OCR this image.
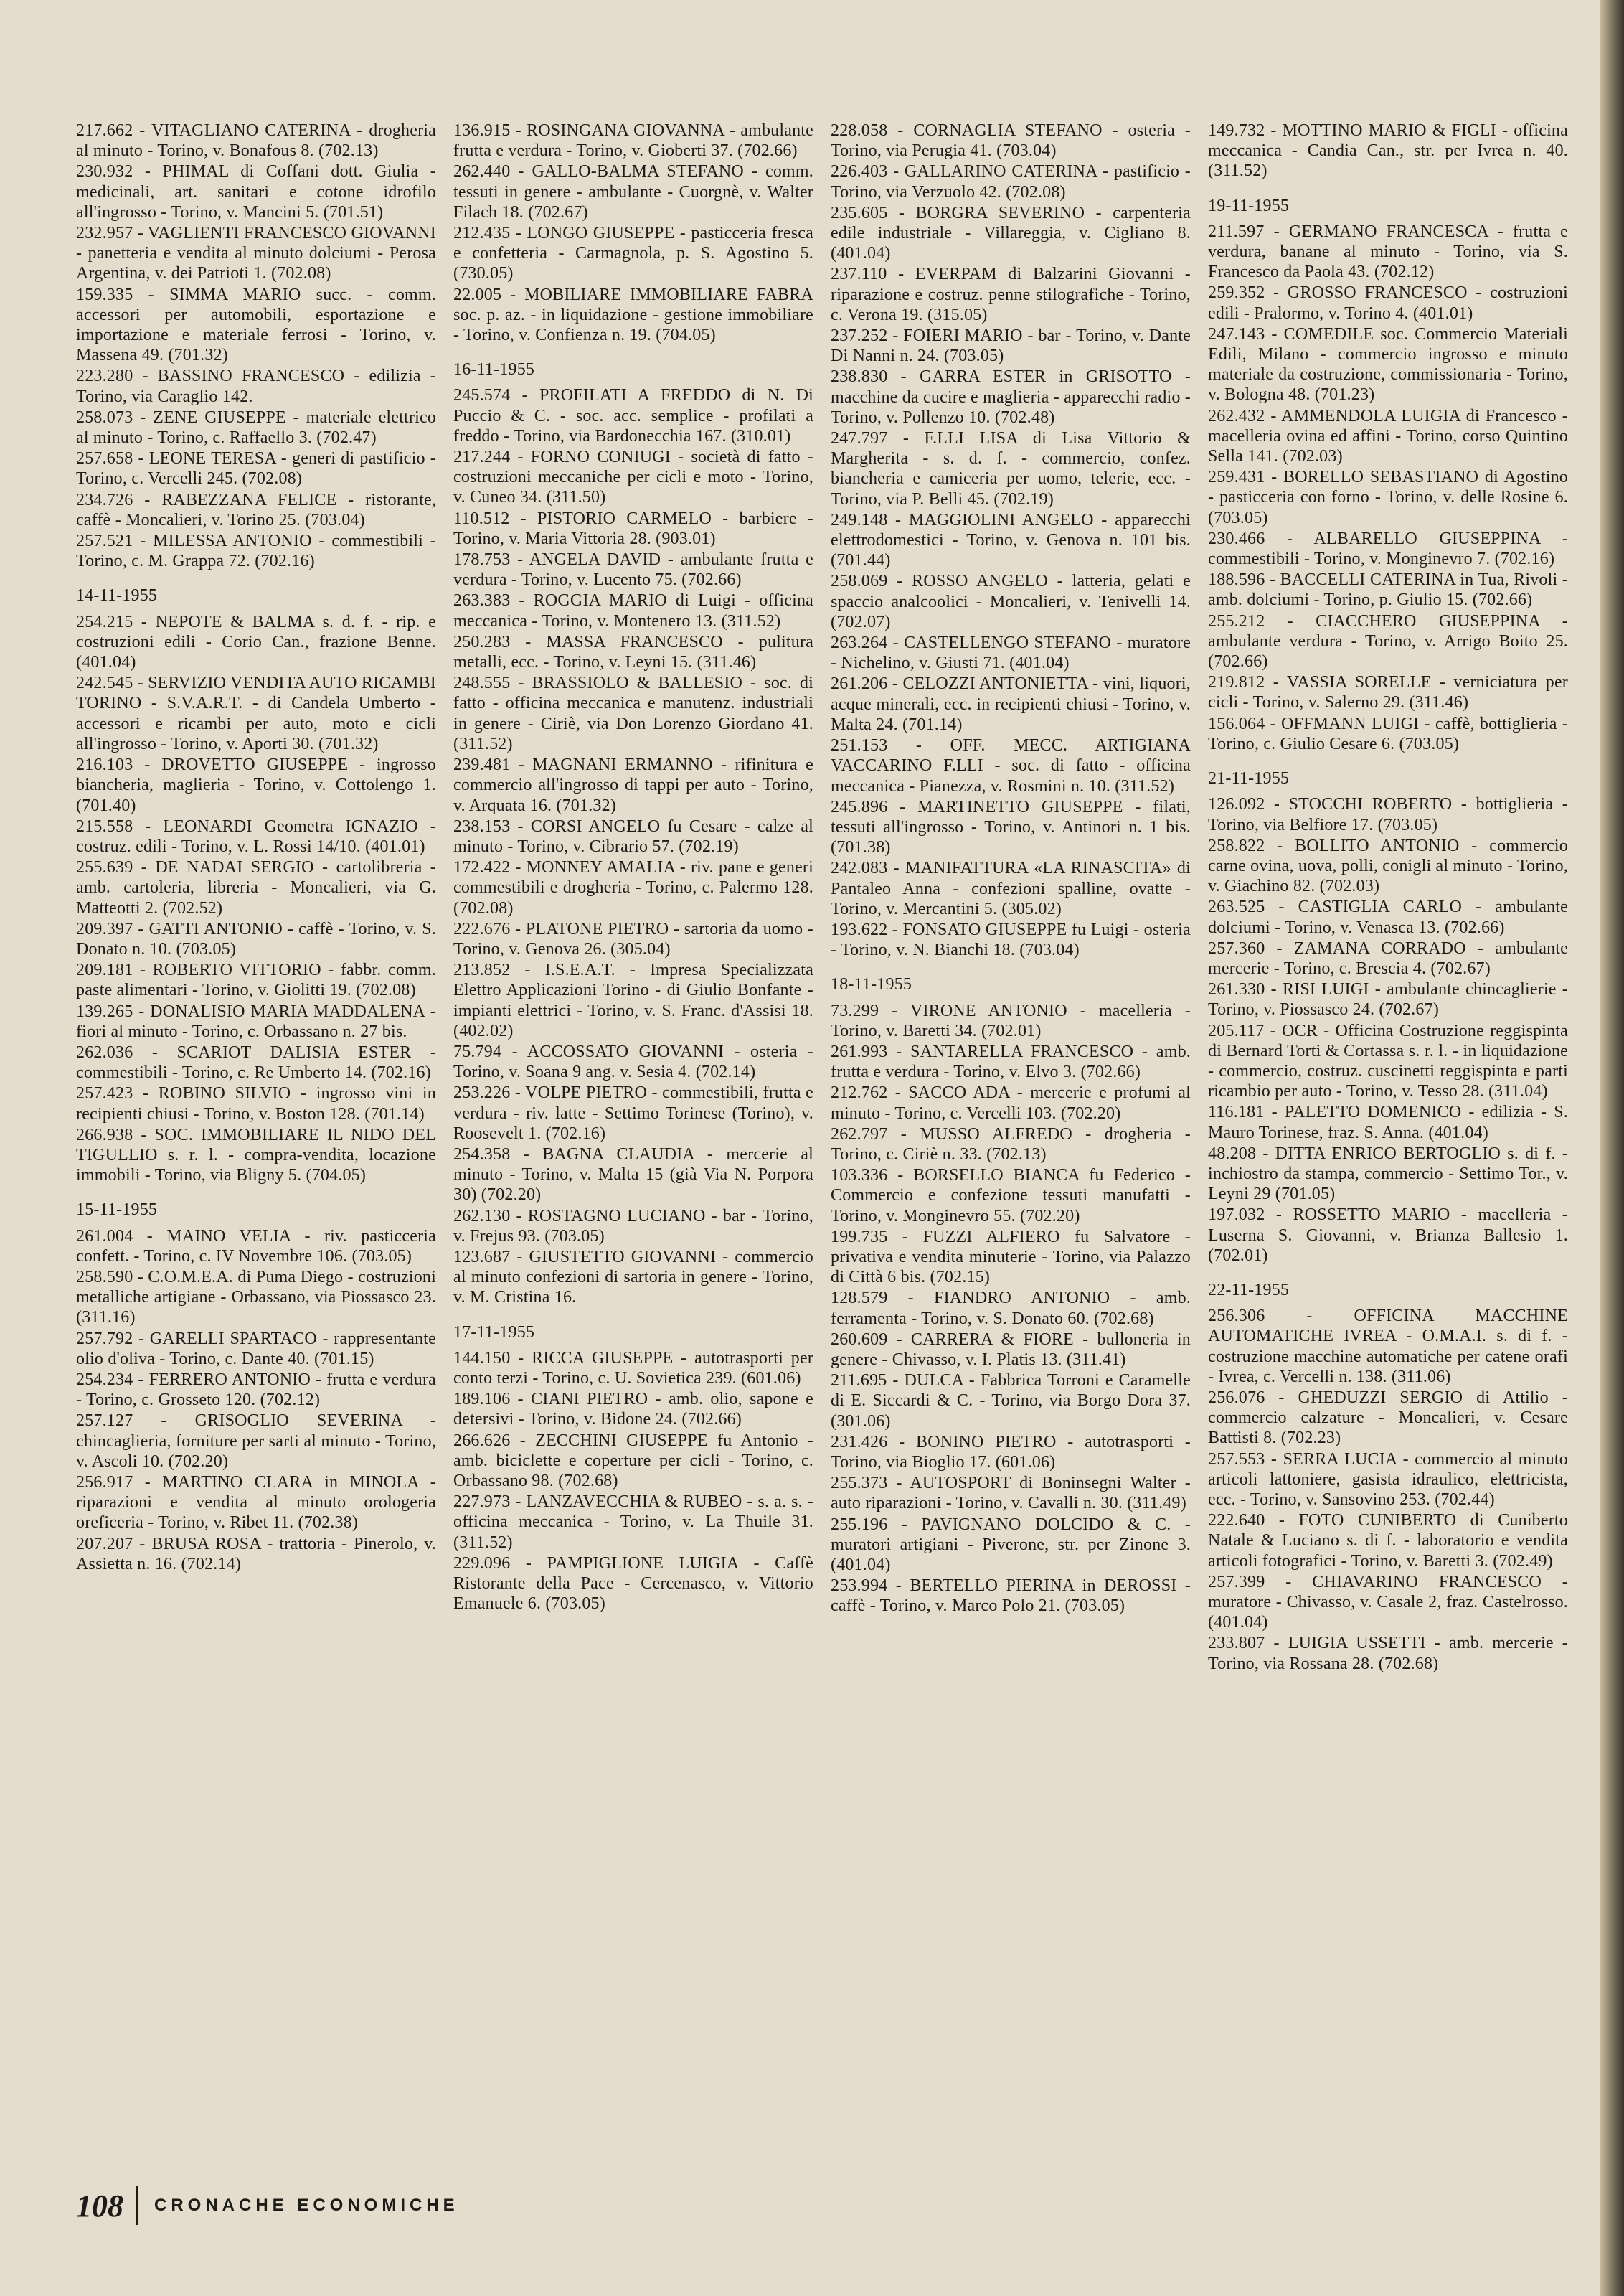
217.662 - VITAGLIANO CATERINA - drogheria al minuto - Torino, v. Bonafous 8. (702.13)
230.932 - PHIMAL di Coffani dott. Giulia - medicinali, art. sanitari e cotone idrofilo all'ingrosso - Torino, v. Mancini 5. (701.51)
232.957 - VAGLIENTI FRANCESCO GIOVANNI - panetteria e vendita al minuto dolciumi - Perosa Argentina, v. dei Patrioti 1. (702.08)
159.335 - SIMMA MARIO succ. - comm. accessori per automobili, esportazione e importazione e materiale ferrosi - Torino, v. Massena 49. (701.32)
223.280 - BASSINO FRANCESCO - edilizia - Torino, via Caraglio 142.
258.073 - ZENE GIUSEPPE - materiale elettrico al minuto - Torino, c. Raffaello 3. (702.47)
257.658 - LEONE TERESA - generi di pastificio - Torino, c. Vercelli 245. (702.08)
234.726 - RABEZZANA FELICE - ristorante, caffè - Moncalieri, v. Torino 25. (703.04)
257.521 - MILESSA ANTONIO - commestibili - Torino, c. M. Grappa 72. (702.16)
14-11-1955
254.215 - NEPOTE & BALMA s. d. f. - rip. e costruzioni edili - Corio Can., frazione Benne. (401.04)
242.545 - SERVIZIO VENDITA AUTO RICAMBI TORINO - S.V.A.R.T. - di Candela Umberto - accessori e ricambi per auto, moto e cicli all'ingrosso - Torino, v. Aporti 30. (701.32)
216.103 - DROVETTO GIUSEPPE - ingrosso biancheria, maglieria - Torino, v. Cottolengo 1. (701.40)
215.558 - LEONARDI Geometra IGNAZIO - costruz. edili - Torino, v. L. Rossi 14/10. (401.01)
255.639 - DE NADAI SERGIO - cartolibreria - amb. cartoleria, libreria - Moncalieri, via G. Matteotti 2. (702.52)
209.397 - GATTI ANTONIO - caffè - Torino, v. S. Donato n. 10. (703.05)
209.181 - ROBERTO VITTORIO - fabbr. comm. paste alimentari - Torino, v. Giolitti 19. (702.08)
139.265 - DONALISIO MARIA MADDALENA - fiori al minuto - Torino, c. Orbassano n. 27 bis.
262.036 - SCARIOT DALISIA ESTER - commestibili - Torino, c. Re Umberto 14. (702.16)
257.423 - ROBINO SILVIO - ingrosso vini in recipienti chiusi - Torino, v. Boston 128. (701.14)
266.938 - SOC. IMMOBILIARE IL NIDO DEL TIGULLIO s. r. l. - compra-vendita, locazione immobili - Torino, via Bligny 5. (704.05)
15-11-1955
261.004 - MAINO VELIA - riv. pasticceria confett. - Torino, c. IV Novembre 106. (703.05)
258.590 - C.O.M.E.A. di Puma Diego - costruzioni metalliche artigiane - Orbassano, via Piossasco 23. (311.16)
257.792 - GARELLI SPARTACO - rappresentante olio d'oliva - Torino, c. Dante 40. (701.15)
254.234 - FERRERO ANTONIO - frutta e verdura - Torino, c. Grosseto 120. (702.12)
257.127 - GRISOGLIO SEVERINA - chincaglieria, forniture per sarti al minuto - Torino, v. Ascoli 10. (702.20)
256.917 - MARTINO CLARA in MINOLA - riparazioni e vendita al minuto orologeria oreficeria - Torino, v. Ribet 11. (702.38)
207.207 - BRUSA ROSA - trattoria - Pinerolo, v. Assietta n. 16. (702.14)
136.915 - ROSINGANA GIOVANNA - ambulante frutta e verdura - Torino, v. Gioberti 37. (702.66)
262.440 - GALLO-BALMA STEFANO - comm. tessuti in genere - ambulante - Cuorgnè, v. Walter Filach 18. (702.67)
212.435 - LONGO GIUSEPPE - pasticceria fresca e confetteria - Carmagnola, p. S. Agostino 5. (730.05)
22.005 - MOBILIARE IMMOBILIARE FABRA soc. p. az. - in liquidazione - gestione immobiliare - Torino, v. Confienza n. 19. (704.05)
16-11-1955
245.574 - PROFILATI A FREDDO di N. Di Puccio & C. - soc. acc. semplice - profilati a freddo - Torino, via Bardonecchia 167. (310.01)
217.244 - FORNO CONIUGI - società di fatto - costruzioni meccaniche per cicli e moto - Torino, v. Cuneo 34. (311.50)
110.512 - PISTORIO CARMELO - barbiere - Torino, v. Maria Vittoria 28. (903.01)
178.753 - ANGELA DAVID - ambulante frutta e verdura - Torino, v. Lucento 75. (702.66)
263.383 - ROGGIA MARIO di Luigi - officina meccanica - Torino, v. Montenero 13. (311.52)
250.283 - MASSA FRANCESCO - pulitura metalli, ecc. - Torino, v. Leyni 15. (311.46)
248.555 - BRASSIOLO & BALLESIO - soc. di fatto - officina meccanica e manutenz. industriali in genere - Ciriè, via Don Lorenzo Giordano 41. (311.52)
239.481 - MAGNANI ERMANNO - rifinitura e commercio all'ingrosso di tappi per auto - Torino, v. Arquata 16. (701.32)
238.153 - CORSI ANGELO fu Cesare - calze al minuto - Torino, v. Cibrario 57. (702.19)
172.422 - MONNEY AMALIA - riv. pane e generi commestibili e drogheria - Torino, c. Palermo 128. (702.08)
222.676 - PLATONE PIETRO - sartoria da uomo - Torino, v. Genova 26. (305.04)
213.852 - I.S.E.A.T. - Impresa Specializzata Elettro Applicazioni Torino - di Giulio Bonfante - impianti elettrici - Torino, v. S. Franc. d'Assisi 18. (402.02)
75.794 - ACCOSSATO GIOVANNI - osteria - Torino, v. Soana 9 ang. v. Sesia 4. (702.14)
253.226 - VOLPE PIETRO - commestibili, frutta e verdura - riv. latte - Settimo Torinese (Torino), v. Roosevelt 1. (702.16)
254.358 - BAGNA CLAUDIA - mercerie al minuto - Torino, v. Malta 15 (già Via N. Porpora 30) (702.20)
262.130 - ROSTAGNO LUCIANO - bar - Torino, v. Frejus 93. (703.05)
123.687 - GIUSTETTO GIOVANNI - commercio al minuto confezioni di sartoria in genere - Torino, v. M. Cristina 16.
17-11-1955
144.150 - RICCA GIUSEPPE - autotrasporti per conto terzi - Torino, c. U. Sovietica 239. (601.06)
189.106 - CIANI PIETRO - amb. olio, sapone e detersivi - Torino, v. Bidone 24. (702.66)
266.626 - ZECCHINI GIUSEPPE fu Antonio - amb. biciclette e coperture per cicli - Torino, c. Orbassano 98. (702.68)
227.973 - LANZAVECCHIA & RUBEO - s. a. s. - officina meccanica - Torino, v. La Thuile 31. (311.52)
229.096 - PAMPIGLIONE LUIGIA - Caffè Ristorante della Pace - Cercenasco, v. Vittorio Emanuele 6. (703.05)
228.058 - CORNAGLIA STEFANO - osteria - Torino, via Perugia 41. (703.04)
226.403 - GALLARINO CATERINA - pastificio - Torino, via Verzuolo 42. (702.08)
235.605 - BORGRA SEVERINO - carpenteria edile industriale - Villareggia, v. Cigliano 8. (401.04)
237.110 - EVERPAM di Balzarini Giovanni - riparazione e costruz. penne stilografiche - Torino, c. Verona 19. (315.05)
237.252 - FOIERI MARIO - bar - Torino, v. Dante Di Nanni n. 24. (703.05)
238.830 - GARRA ESTER in GRISOTTO - macchine da cucire e maglieria - apparecchi radio - Torino, v. Pollenzo 10. (702.48)
247.797 - F.LLI LISA di Lisa Vittorio & Margherita - s. d. f. - commercio, confez. biancheria e camiceria per uomo, telerie, ecc. - Torino, via P. Belli 45. (702.19)
249.148 - MAGGIOLINI ANGELO - apparecchi elettrodomestici - Torino, v. Genova n. 101 bis. (701.44)
258.069 - ROSSO ANGELO - latteria, gelati e spaccio analcoolici - Moncalieri, v. Tenivelli 14. (702.07)
263.264 - CASTELLENGO STEFANO - muratore - Nichelino, v. Giusti 71. (401.04)
261.206 - CELOZZI ANTONIETTA - vini, liquori, acque minerali, ecc. in recipienti chiusi - Torino, v. Malta 24. (701.14)
251.153 - OFF. MECC. ARTIGIANA VACCARINO F.LLI - soc. di fatto - officina meccanica - Pianezza, v. Rosmini n. 10. (311.52)
245.896 - MARTINETTO GIUSEPPE - filati, tessuti all'ingrosso - Torino, v. Antinori n. 1 bis. (701.38)
242.083 - MANIFATTURA «LA RINASCITA» di Pantaleo Anna - confezioni spalline, ovatte - Torino, v. Mercantini 5. (305.02)
193.622 - FONSATO GIUSEPPE fu Luigi - osteria - Torino, v. N. Bianchi 18. (703.04)
18-11-1955
73.299 - VIRONE ANTONIO - macelleria - Torino, v. Baretti 34. (702.01)
261.993 - SANTARELLA FRANCESCO - amb. frutta e verdura - Torino, v. Elvo 3. (702.66)
212.762 - SACCO ADA - mercerie e profumi al minuto - Torino, c. Vercelli 103. (702.20)
262.797 - MUSSO ALFREDO - drogheria - Torino, c. Ciriè n. 33. (702.13)
103.336 - BORSELLO BIANCA fu Federico - Commercio e confezione tessuti manufatti - Torino, v. Monginevro 55. (702.20)
199.735 - FUZZI ALFIERO fu Salvatore - privativa e vendita minuterie - Torino, via Palazzo di Città 6 bis. (702.15)
128.579 - FIANDRO ANTONIO - amb. ferramenta - Torino, v. S. Donato 60. (702.68)
260.609 - CARRERA & FIORE - bulloneria in genere - Chivasso, v. I. Platis 13. (311.41)
211.695 - DULCA - Fabbrica Torroni e Caramelle di E. Siccardi & C. - Torino, via Borgo Dora 37. (301.06)
231.426 - BONINO PIETRO - autotrasporti - Torino, via Bioglio 17. (601.06)
255.373 - AUTOSPORT di Boninsegni Walter - auto riparazioni - Torino, v. Cavalli n. 30. (311.49)
255.196 - PAVIGNANO DOLCIDO & C. - muratori artigiani - Piverone, str. per Zinone 3. (401.04)
253.994 - BERTELLO PIERINA in DEROSSI - caffè - Torino, v. Marco Polo 21. (703.05)
149.732 - MOTTINO MARIO & FIGLI - officina meccanica - Candia Can., str. per Ivrea n. 40. (311.52)
19-11-1955
211.597 - GERMANO FRANCESCA - frutta e verdura, banane al minuto - Torino, via S. Francesco da Paola 43. (702.12)
259.352 - GROSSO FRANCESCO - costruzioni edili - Pralormo, v. Torino 4. (401.01)
247.143 - COMEDILE soc. Commercio Materiali Edili, Milano - commercio ingrosso e minuto materiale da costruzione, commissionaria - Torino, v. Bologna 48. (701.23)
262.432 - AMMENDOLA LUIGIA di Francesco - macelleria ovina ed affini - Torino, corso Quintino Sella 141. (702.03)
259.431 - BORELLO SEBASTIANO di Agostino - pasticceria con forno - Torino, v. delle Rosine 6. (703.05)
230.466 - ALBARELLO GIUSEPPINA - commestibili - Torino, v. Monginevro 7. (702.16)
188.596 - BACCELLI CATERINA in Tua, Rivoli - amb. dolciumi - Torino, p. Giulio 15. (702.66)
255.212 - CIACCHERO GIUSEPPINA - ambulante verdura - Torino, v. Arrigo Boito 25. (702.66)
219.812 - VASSIA SORELLE - verniciatura per cicli - Torino, v. Salerno 29. (311.46)
156.064 - OFFMANN LUIGI - caffè, bottiglieria - Torino, c. Giulio Cesare 6. (703.05)
21-11-1955
126.092 - STOCCHI ROBERTO - bottiglieria - Torino, via Belfiore 17. (703.05)
258.822 - BOLLITO ANTONIO - commercio carne ovina, uova, polli, conigli al minuto - Torino, v. Giachino 82. (702.03)
263.525 - CASTIGLIA CARLO - ambulante dolciumi - Torino, v. Venasca 13. (702.66)
257.360 - ZAMANA CORRADO - ambulante mercerie - Torino, c. Brescia 4. (702.67)
261.330 - RISI LUIGI - ambulante chincaglierie - Torino, v. Piossasco 24. (702.67)
205.117 - OCR - Officina Costruzione reggispinta di Bernard Torti & Cortassa s. r. l. - in liquidazione - commercio, costruz. cuscinetti reggispinta e parti ricambio per auto - Torino, v. Tesso 28. (311.04)
116.181 - PALETTO DOMENICO - edilizia - S. Mauro Torinese, fraz. S. Anna. (401.04)
48.208 - DITTA ENRICO BERTOGLIO s. di f. - inchiostro da stampa, commercio - Settimo Tor., v. Leyni 29 (701.05)
197.032 - ROSSETTO MARIO - macelleria - Luserna S. Giovanni, v. Brianza Ballesio 1. (702.01)
22-11-1955
256.306 - OFFICINA MACCHINE AUTOMATICHE IVREA - O.M.A.I. s. di f. - costruzione macchine automatiche per catene orafi - Ivrea, c. Vercelli n. 138. (311.06)
256.076 - GHEDUZZI SERGIO di Attilio - commercio calzature - Moncalieri, v. Cesare Battisti 8. (702.23)
257.553 - SERRA LUCIA - commercio al minuto articoli lattoniere, gasista idraulico, elettricista, ecc. - Torino, v. Sansovino 253. (702.44)
222.640 - FOTO CUNIBERTO di Cuniberto Natale & Luciano s. di f. - laboratorio e vendita articoli fotografici - Torino, v. Baretti 3. (702.49)
257.399 - CHIAVARINO FRANCESCO - muratore - Chivasso, v. Casale 2, fraz. Castelrosso. (401.04)
233.807 - LUIGIA USSETTI - amb. mercerie - Torino, via Rossana 28. (702.68)
108 CRONACHE ECONOMICHE
